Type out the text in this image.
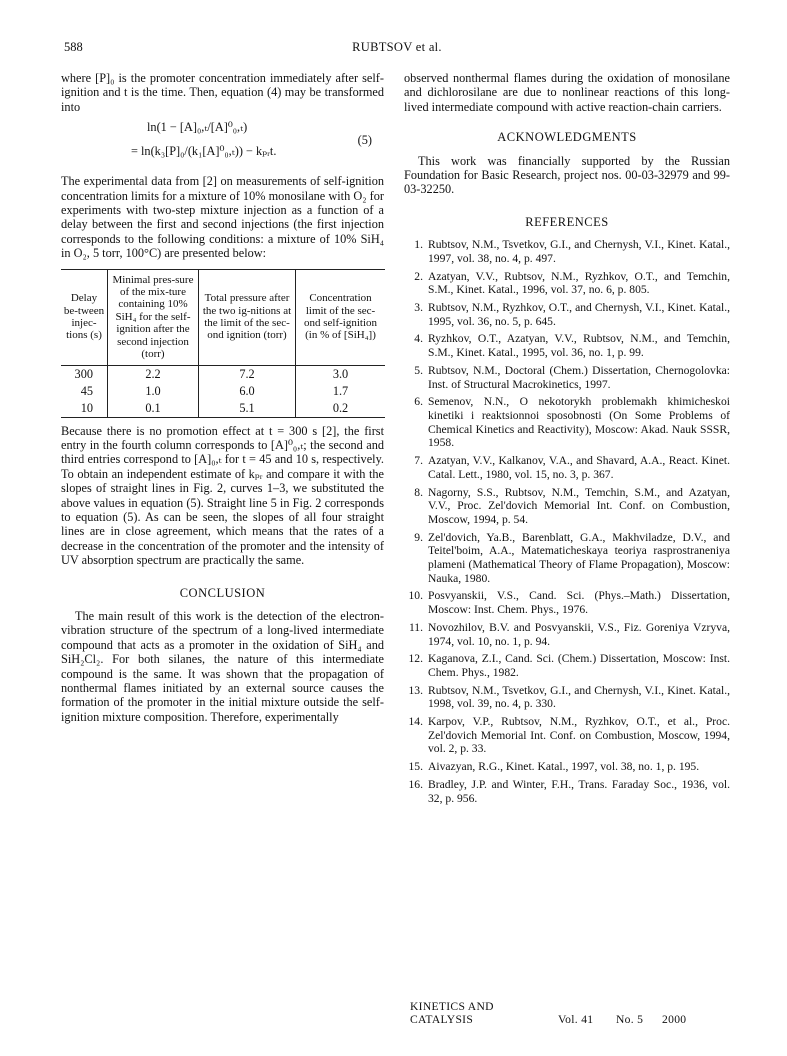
588	RUBTSOV et al.

where [P]₀ is the promoter concentration immediately after self-ignition and t is the time. Then, equation (4) may be transformed into

ln(1 − [A]₀,ₜ/[A]⁰₀,ₜ)
= ln(k₃[P]₀/(k₁[A]⁰₀,ₜ)) − kₚᵣt.
(5)

The experimental data from [2] on measurements of self-ignition concentration limits for a mixture of 10% monosilane with O₂ for experiments with two-step mixture injection as a function of a delay between the first and second injections (the first injection corresponds to the following conditions: a mixture of 10% SiH₄ in O₂, 5 torr, 100°C) are presented below:

Delay be-tween injec-tions (s)	Minimal pres-sure of the mix-ture containing 10% SiH₄ for the self-ignition after the second injection (torr)	Total pressure after the two ig-nitions at the limit of the sec-ond ignition (torr)	Concentration limit of the sec-ond self-ignition (in % of [SiH₄])
300	2.2	7.2	3.0
45	1.0	6.0	1.7
10	0.1	5.1	0.2

Because there is no promotion effect at t = 300 s [2], the first entry in the fourth column corresponds to [A]⁰₀,ₜ; the second and third entries correspond to [A]₀,ₜ for t = 45 and 10 s, respectively. To obtain an independent estimate of kₚᵣ and compare it with the slopes of straight lines in Fig. 2, curves 1–3, we substituted the above values in equation (5). Straight line 5 in Fig. 2 corresponds to equation (5). As can be seen, the slopes of all four straight lines are in close agreement, which means that the rates of a decrease in the concentration of the promoter and the intensity of UV absorption spectrum are practically the same.

CONCLUSION

The main result of this work is the detection of the electron-vibration structure of the spectrum of a long-lived intermediate compound that acts as a promoter in the oxidation of SiH₄ and SiH₂Cl₂. For both silanes, the nature of this intermediate compound is the same. It was shown that the propagation of nonthermal flames initiated by an external source causes the formation of the promoter in the initial mixture outside the self-ignition mixture composition. Therefore, experimentally

observed nonthermal flames during the oxidation of monosilane and dichlorosilane are due to nonlinear reactions of this long-lived intermediate compound with active reaction-chain carriers.

ACKNOWLEDGMENTS

This work was financially supported by the Russian Foundation for Basic Research, project nos. 00-03-32979 and 99-03-32250.

REFERENCES
1. Rubtsov, N.M., Tsvetkov, G.I., and Chernysh, V.I., Kinet. Katal., 1997, vol. 38, no. 4, p. 497.
2. Azatyan, V.V., Rubtsov, N.M., Ryzhkov, O.T., and Temchin, S.M., Kinet. Katal., 1996, vol. 37, no. 6, p. 805.
3. Rubtsov, N.M., Ryzhkov, O.T., and Chernysh, V.I., Kinet. Katal., 1995, vol. 36, no. 5, p. 645.
4. Ryzhkov, O.T., Azatyan, V.V., Rubtsov, N.M., and Temchin, S.M., Kinet. Katal., 1995, vol. 36, no. 1, p. 99.
5. Rubtsov, N.M., Doctoral (Chem.) Dissertation, Chernogolovka: Inst. of Structural Macrokinetics, 1997.
6. Semenov, N.N., O nekotorykh problemakh khimicheskoi kinetiki i reaktsionnoi sposobnosti (On Some Problems of Chemical Kinetics and Reactivity), Moscow: Akad. Nauk SSSR, 1958.
7. Azatyan, V.V., Kalkanov, V.A., and Shavard, A.A., React. Kinet. Catal. Lett., 1980, vol. 15, no. 3, p. 367.
8. Nagorny, S.S., Rubtsov, N.M., Temchin, S.M., and Azatyan, V.V., Proc. Zel'dovich Memorial Int. Conf. on Combustion, Moscow, 1994, p. 54.
9. Zel'dovich, Ya.B., Barenblatt, G.A., Makhviladze, D.V., and Teitel'boim, A.A., Matematicheskaya teoriya rasprostraneniya plameni (Mathematical Theory of Flame Propagation), Moscow: Nauka, 1980.
10. Posvyanskii, V.S., Cand. Sci. (Phys.–Math.) Dissertation, Moscow: Inst. Chem. Phys., 1976.
11. Novozhilov, B.V. and Posvyanskii, V.S., Fiz. Goreniya Vzryva, 1974, vol. 10, no. 1, p. 94.
12. Kaganova, Z.I., Cand. Sci. (Chem.) Dissertation, Moscow: Inst. Chem. Phys., 1982.
13. Rubtsov, N.M., Tsvetkov, G.I., and Chernysh, V.I., Kinet. Katal., 1998, vol. 39, no. 4, p. 330.
14. Karpov, V.P., Rubtsov, N.M., Ryzhkov, O.T., et al., Proc. Zel'dovich Memorial Int. Conf. on Combustion, Moscow, 1994, vol. 2, p. 33.
15. Aivazyan, R.G., Kinet. Katal., 1997, vol. 38, no. 1, p. 195.
16. Bradley, J.P. and Winter, F.H., Trans. Faraday Soc., 1936, vol. 32, p. 956.
KINETICS AND CATALYSIS	Vol. 41 No. 5 2000
